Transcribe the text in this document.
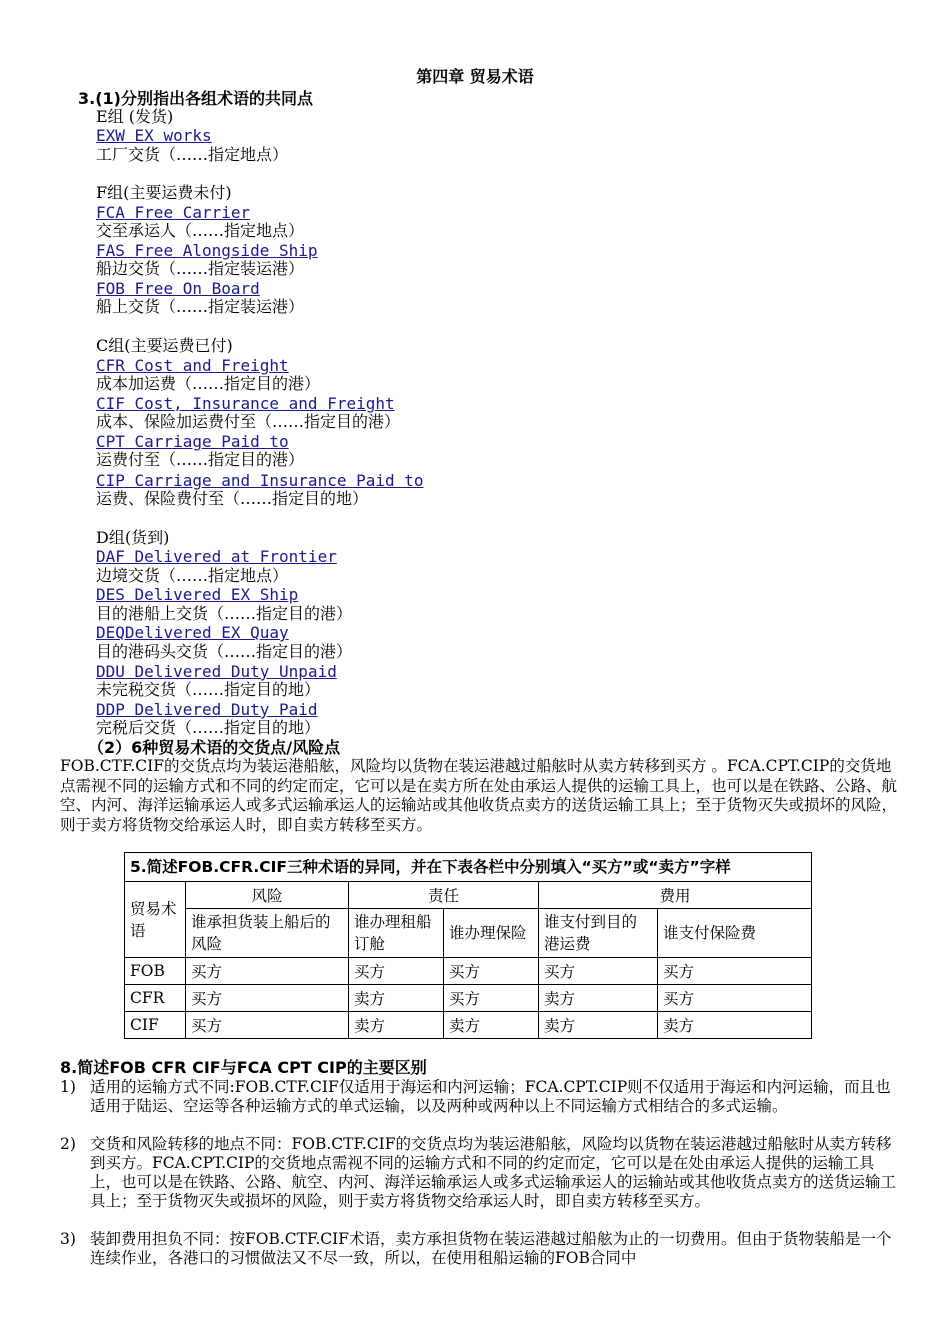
第四章 贸易术语
3.(1)分别指出各组术语的共同点
E组 (发货)
EXW EX works
工厂交货（……指定地点）
F组(主要运费未付)
FCA Free Carrier
交至承运人（……指定地点）
FAS Free Alongside Ship
船边交货（……指定装运港）
FOB Free On Board
船上交货（……指定装运港）
C组(主要运费已付)
CFR Cost and Freight
成本加运费（……指定目的港）
CIF Cost, Insurance and Freight
成本、保险加运费付至（……指定目的港）
CPT Carriage Paid to
运费付至（……指定目的港）
CIP Carriage and Insurance Paid to
运费、保险费付至（……指定目的地）
D组(货到)
DAF Delivered at Frontier
边境交货（……指定地点）
DES Delivered EX Ship
目的港船上交货（……指定目的港）
DEQDelivered EX Quay
目的港码头交货（……指定目的港）
DDU Delivered Duty Unpaid
未完税交货（……指定目的地）
DDP Delivered Duty Paid
完税后交货（……指定目的地）
（2）6种贸易术语的交货点/风险点
FOB.CTF.CIF的交货点均为装运港船舷，风险均以货物在装运港越过船舷时从卖方转移到买方 。FCA.CPT.CIP的交货地点需视不同的运输方式和不同的约定而定，它可以是在卖方所在处由承运人提供的运输工具上，也可以是在铁路、公路、航空、内河、海洋运输承运人或多式运输承运人的运输站或其他收货点卖方的送货运输工具上；至于货物灭失或损坏的风险，则于卖方将货物交给承运人时，即自卖方转移至买方。
5.简述FOB.CFR.CIF三种术语的异同，并在下表各栏中分别填入“买方”或“卖方”字样					
贸易术语	风险	责任		费用	
	谁承担货装上船后的风险	谁办理租船订舱	谁办理保险	谁支付到目的港运费	谁支付保险费
FOB	买方	买方	买方	买方	买方
CFR	买方	卖方	买方	卖方	买方
CIF	买方	卖方	卖方	卖方	卖方
8.简述FOB CFR CIF与FCA CPT CIP的主要区别
1) 适用的运输方式不同:FOB.CTF.CIF仅适用于海运和内河运输；FCA.CPT.CIP则不仅适用于海运和内河运输，而且也适用于陆运、空运等各种运输方式的单式运输，以及两种或两种以上不同运输方式相结合的多式运输。
2) 交货和风险转移的地点不同：FOB.CTF.CIF的交货点均为装运港船舷，风险均以货物在装运港越过船舷时从卖方转移到买方。FCA.CPT.CIP的交货地点需视不同的运输方式和不同的约定而定，它可以是在处由承运人提供的运输工具上，也可以是在铁路、公路、航空、内河、海洋运输承运人或多式运输承运人的运输站或其他收货点卖方的送货运输工具上；至于货物灭失或损坏的风险，则于卖方将货物交给承运人时，即自卖方转移至买方。
3) 装卸费用担负不同：按FOB.CTF.CIF术语，卖方承担货物在装运港越过船舷为止的一切费用。但由于货物装船是一个连续作业，各港口的习惯做法又不尽一致，所以，在使用租船运输的FOB合同中
